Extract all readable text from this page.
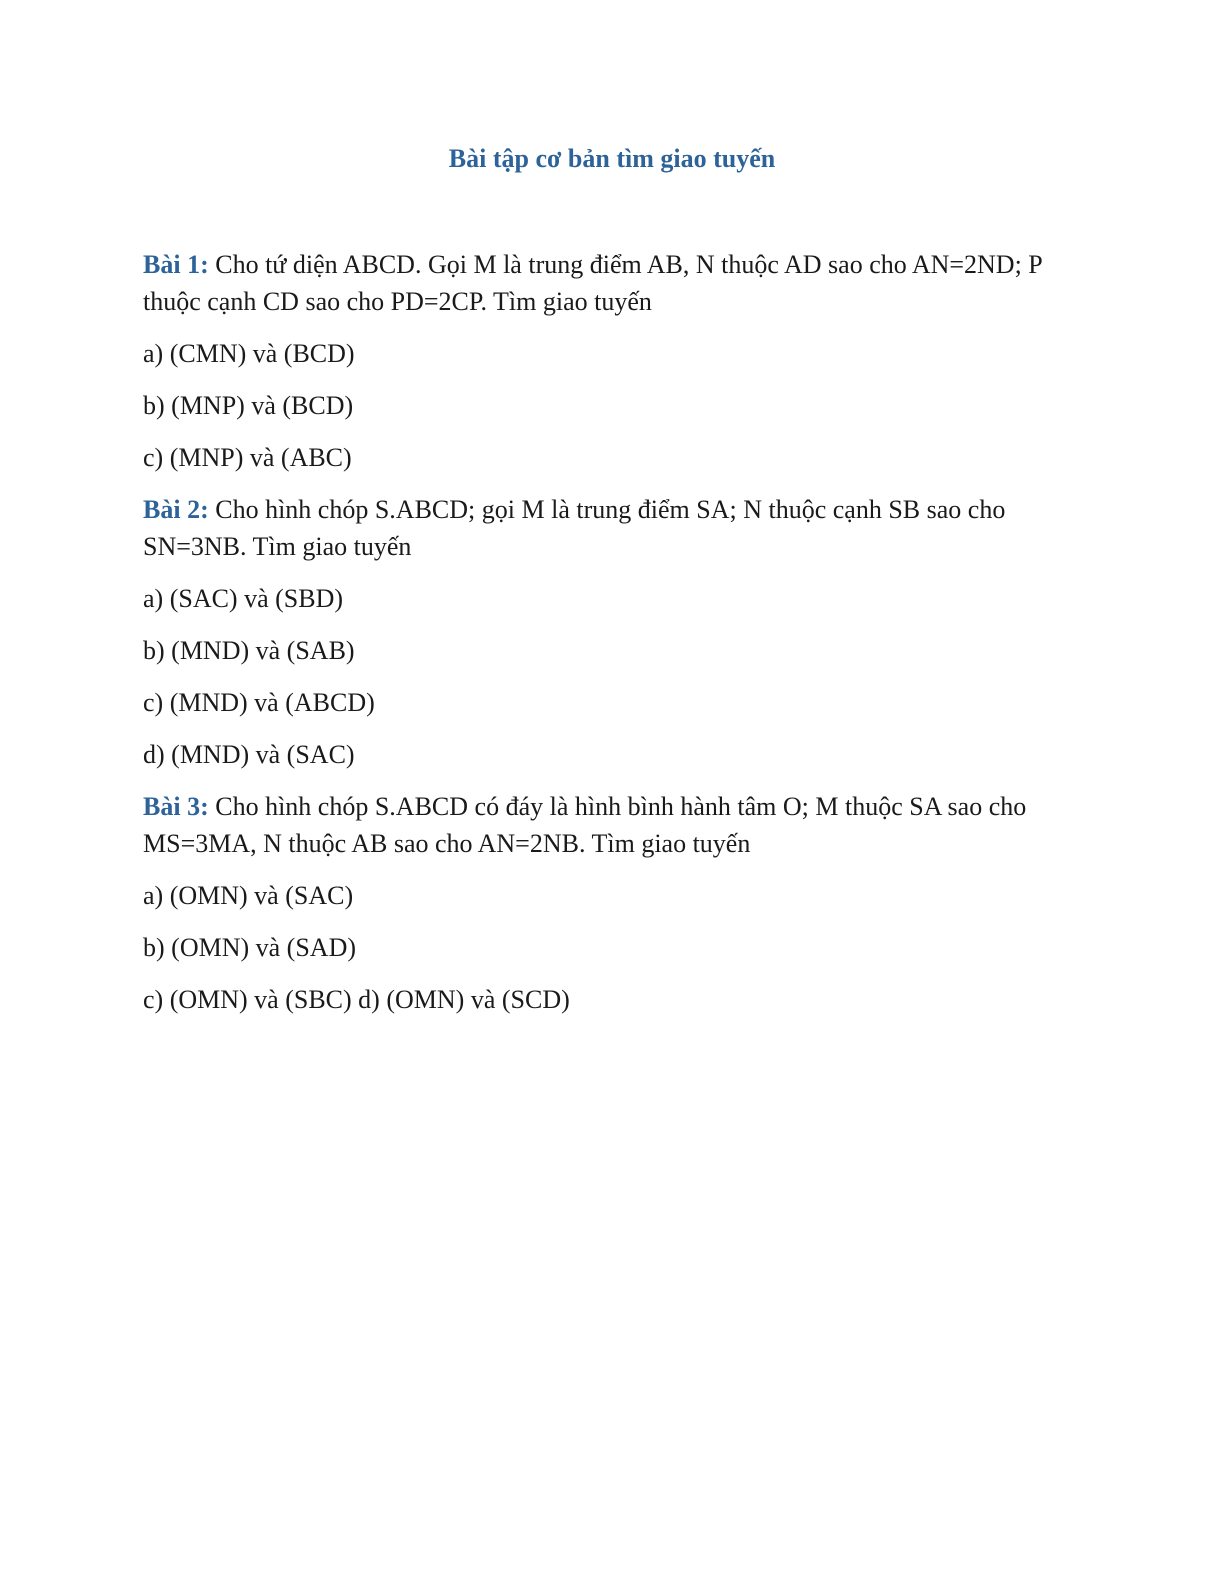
Bài tập cơ bản tìm giao tuyến

Bài 1: Cho tứ diện ABCD. Gọi M là trung điểm AB, N thuộc AD sao cho AN=2ND; P thuộc cạnh CD sao cho PD=2CP. Tìm giao tuyến

a) (CMN) và (BCD)

b) (MNP) và (BCD)

c) (MNP) và (ABC)

Bài 2: Cho hình chóp S.ABCD; gọi M là trung điểm SA; N thuộc cạnh SB sao cho SN=3NB. Tìm giao tuyến

a) (SAC) và (SBD)

b) (MND) và (SAB)

c) (MND) và (ABCD)

d) (MND) và (SAC)

Bài 3: Cho hình chóp S.ABCD có đáy là hình bình hành tâm O; M thuộc SA sao cho MS=3MA, N thuộc AB sao cho AN=2NB. Tìm giao tuyến

a) (OMN) và (SAC)

b) (OMN) và (SAD)

c) (OMN) và (SBC) d) (OMN) và (SCD)
